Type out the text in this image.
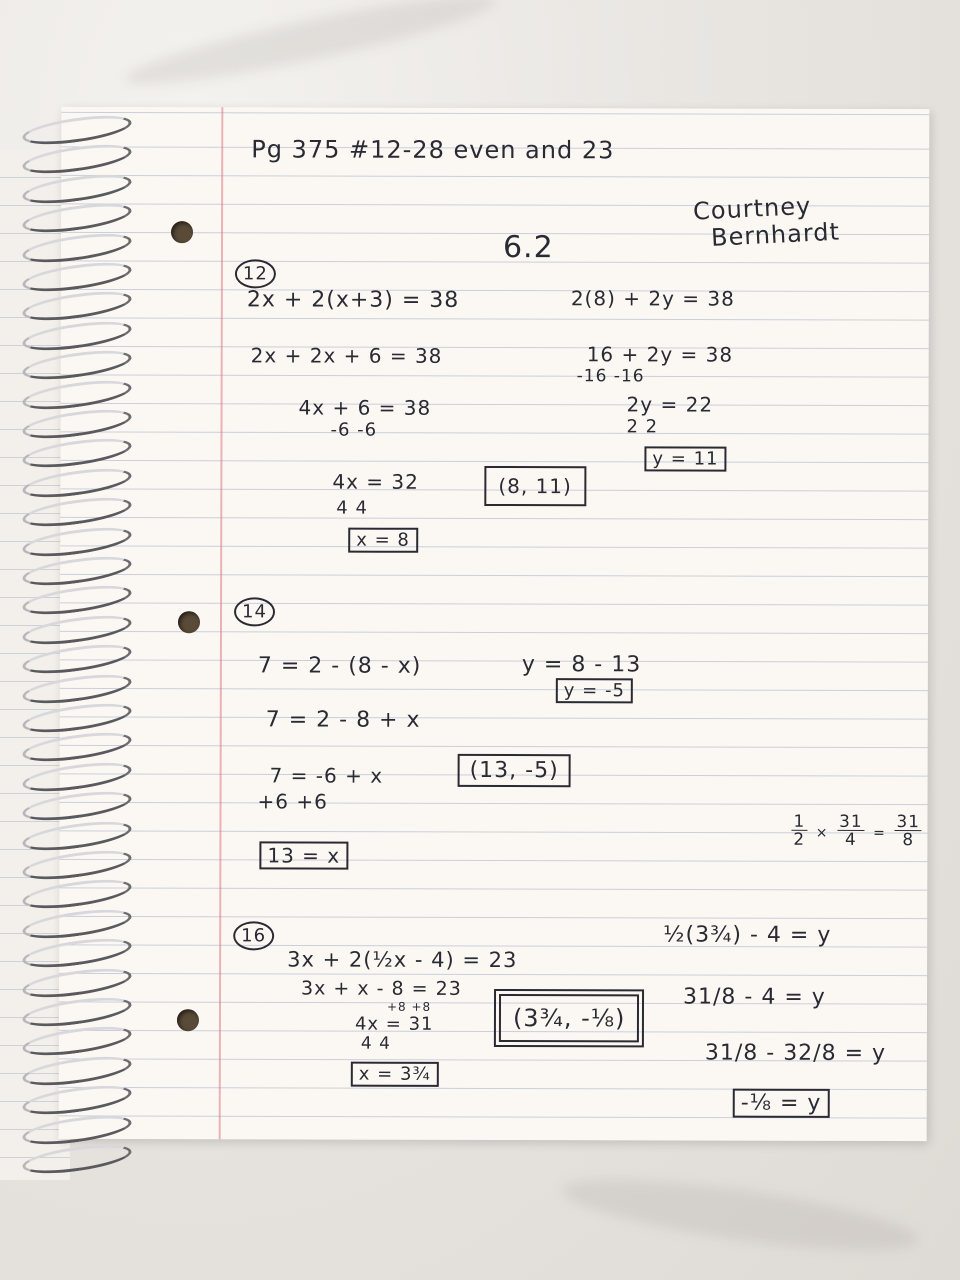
Pg 375 #12-28 even and 23
Courtney
Bernhardt
6.2
12
2x + 2(x+3) = 38
2x + 2x + 6 = 38
4x + 6 = 38
-6 -6
4x = 32
4 4
x = 8
2(8) + 2y = 38
16 + 2y = 38
-16 -16
2y = 22
2 2
y = 11
(8, 11)
14
7 = 2 - (8 - x)
7 = 2 - 8 + x
7 = -6 + x
+6 +6
13 = x
y = 8 - 13
y = -5
(13, -5)
$\frac{1}{2} \times \frac{31}{4} = \frac{31}{8}$
16
3x + 2(½x - 4) = 23
3x + x - 8 = 23
+8 +8
4x = 31
4 4
x = 3¾
(3¾, -⅛)
½(3¾) - 4 = y
31/8 - 4 = y
31/8 - 32/8 = y
-⅛ = y
